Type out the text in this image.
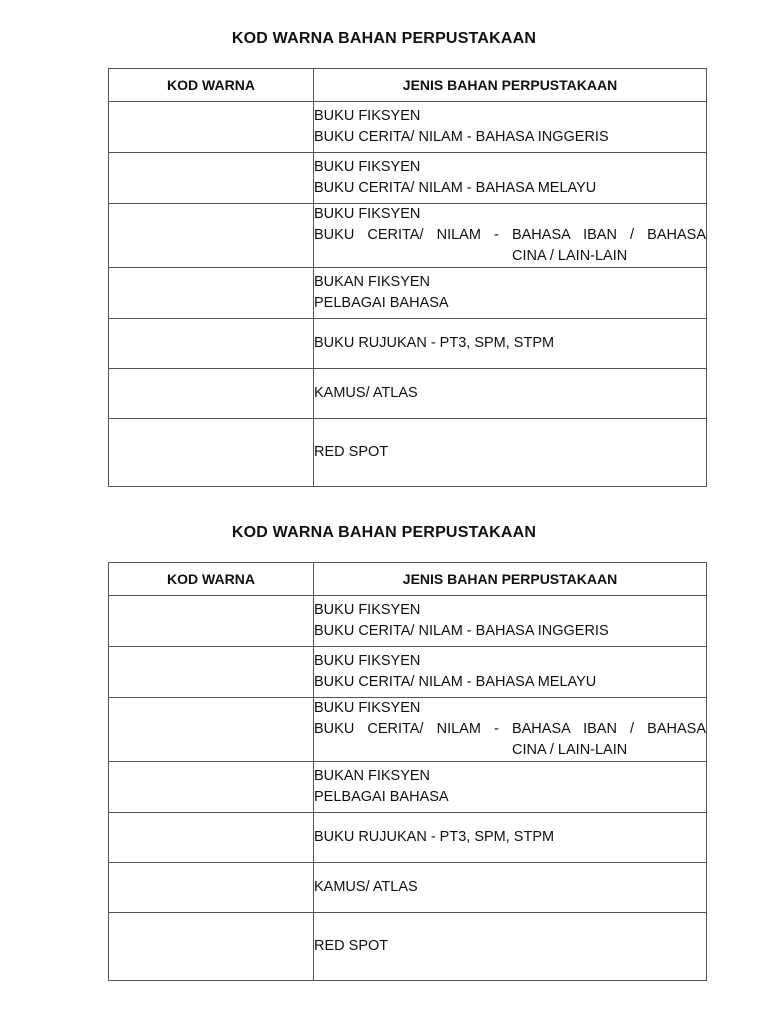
KOD WARNA BAHAN PERPUSTAKAAN
KOD WARNA	JENIS BAHAN PERPUSTAKAAN

	BUKU FIKSYEN
BUKU CERITA/ NILAM - BAHASA INGGERIS

	BUKU FIKSYEN
BUKU CERITA/ NILAM - BAHASA MELAYU

	BUKU FIKSYEN
BUKU CERITA/ NILAM - BAHASA IBAN / BAHASA
CINA / LAIN-LAIN

	BUKAN FIKSYEN
PELBAGAI BAHASA

	BUKU RUJUKAN - PT3, SPM, STPM

	KAMUS/ ATLAS

	RED SPOT
KOD WARNA BAHAN PERPUSTAKAAN
KOD WARNA	JENIS BAHAN PERPUSTAKAAN

	BUKU FIKSYEN
BUKU CERITA/ NILAM - BAHASA INGGERIS

	BUKU FIKSYEN
BUKU CERITA/ NILAM - BAHASA MELAYU

	BUKU FIKSYEN
BUKU CERITA/ NILAM - BAHASA IBAN / BAHASA
CINA / LAIN-LAIN

	BUKAN FIKSYEN
PELBAGAI BAHASA

	BUKU RUJUKAN - PT3, SPM, STPM

	KAMUS/ ATLAS

	RED SPOT
